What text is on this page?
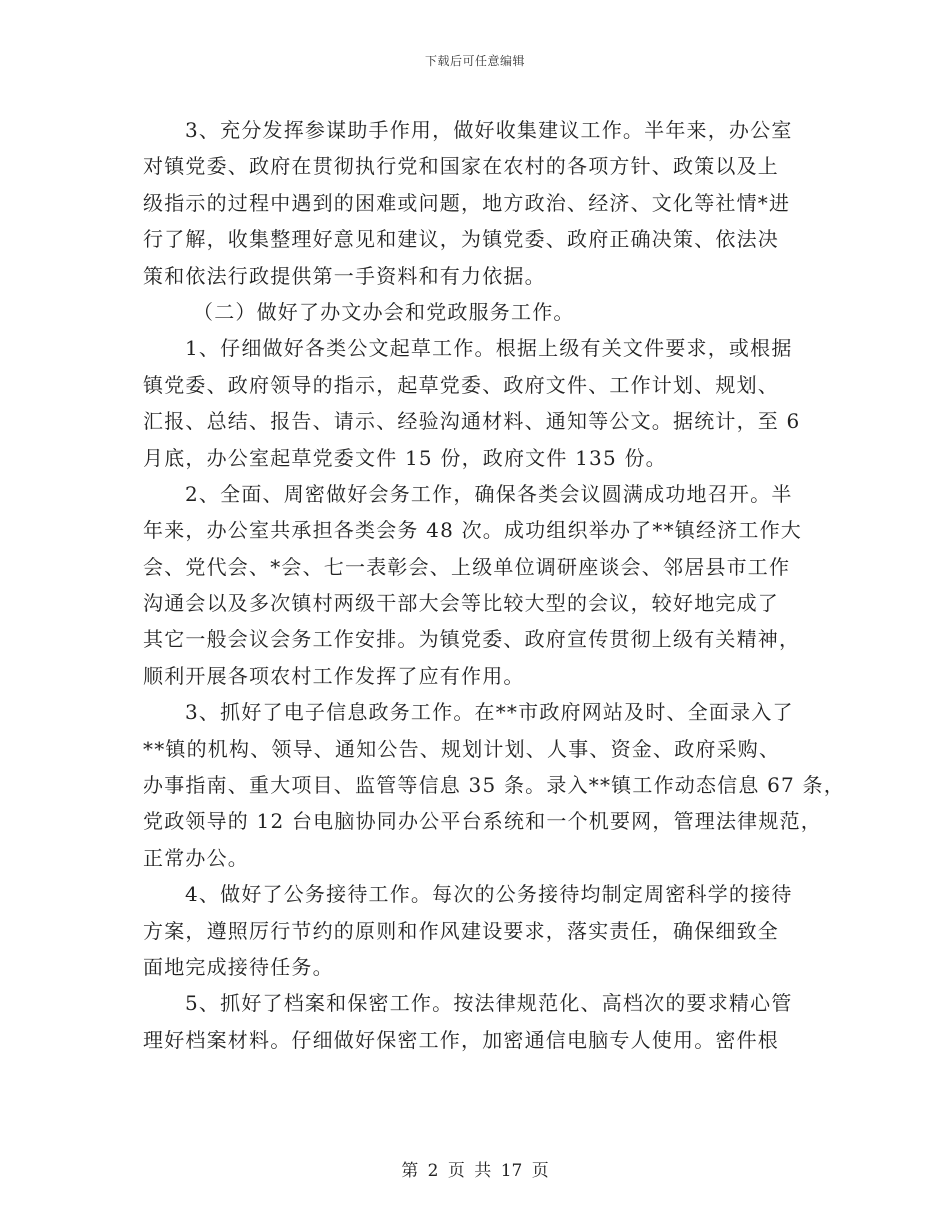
下载后可任意编辑
3、充分发挥参谋助手作用，做好收集建议工作。半年来，办公室
对镇党委、政府在贯彻执行党和国家在农村的各项方针、政策以及上
级指示的过程中遇到的困难或问题，地方政治、经济、文化等社情*进
行了解，收集整理好意见和建议，为镇党委、政府正确决策、依法决
策和依法行政提供第一手资料和有力依据。
（二）做好了办文办会和党政服务工作。
1、仔细做好各类公文起草工作。根据上级有关文件要求，或根据
镇党委、政府领导的指示，起草党委、政府文件、工作计划、规划、
汇报、总结、报告、请示、经验沟通材料、通知等公文。据统计，至 6
月底，办公室起草党委文件 15 份，政府文件 135 份。
2、全面、周密做好会务工作，确保各类会议圆满成功地召开。半
年来，办公室共承担各类会务 48 次。成功组织举办了**镇经济工作大
会、党代会、*会、七一表彰会、上级单位调研座谈会、邻居县市工作
沟通会以及多次镇村两级干部大会等比较大型的会议，较好地完成了
其它一般会议会务工作安排。为镇党委、政府宣传贯彻上级有关精神，
顺利开展各项农村工作发挥了应有作用。
3、抓好了电子信息政务工作。在**市政府网站及时、全面录入了
**镇的机构、领导、通知公告、规划计划、人事、资金、政府采购、
办事指南、重大项目、监管等信息 35 条。录入**镇工作动态信息 67 条，
党政领导的 12 台电脑协同办公平台系统和一个机要网，管理法律规范，
正常办公。
4、做好了公务接待工作。每次的公务接待均制定周密科学的接待
方案，遵照厉行节约的原则和作风建设要求，落实责任，确保细致全
面地完成接待任务。
5、抓好了档案和保密工作。按法律规范化、高档次的要求精心管
理好档案材料。仔细做好保密工作，加密通信电脑专人使用。密件根
第 2 页 共 17 页
